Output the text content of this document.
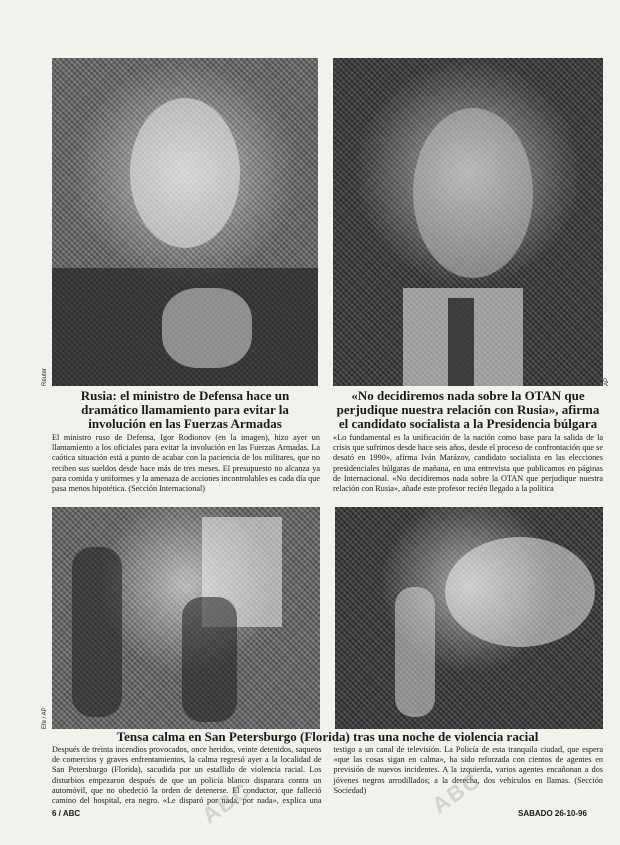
Reuter	AP
Rusia: el ministro de Defensa hace un dramático llamamiento para evitar la involución en las Fuerzas Armadas
«No decidiremos nada sobre la OTAN que perjudique nuestra relación con Rusia», afirma el candidato socialista a la Presidencia búlgara
El ministro ruso de Defensa, Igor Rodionov (en la imagen), hizo ayer un llamamiento a los oficiales para evitar la involución en las Fuerzas Armadas. La caótica situación está a punto de acabar con la paciencia de los militares, que no reciben sus sueldos desde hace más de tres meses. El presupuesto no alcanza ya para comida y uniformes y la amenaza de acciones incontrolables es cada día que pasa menos hipotética. (Sección Internacional)
«Lo fundamental es la unificación de la nación como base para la salida de la crisis que sufrimos desde hace seis años, desde el proceso de confrontación que se desató en 1990», afirma Iván Marázov, candidato socialista en las elecciones presidenciales búlgaras de mañana, en una entrevista que publicamos en páginas de Internacional. «No decidiremos nada sobre la OTAN que perjudique nuestra relación con Rusia», añade este profesor recién llegado a la política
Efe / AP
Tensa calma en San Petersburgo (Florida) tras una noche de violencia racial
Después de treinta incendios provocados, once heridos, veinte detenidos, saqueos de comercios y graves enfrentamientos, la calma regresó ayer a la localidad de San Petersburgo (Florida), sacudida por un estallido de violencia racial. Los disturbios empezaron después de que un policía blanco disparara contra un automóvil, que no obedeció la orden de detenerse. El conductor, que falleció camino del hospital, era negro. «Le disparó por nada, por nada», explica una testigo a un canal de televisión. La Policía de esta tranquila ciudad, que espera «que las cosas sigan en calma», ha sido reforzada con cientos de agentes en previsión de nuevos incidentes. A la izquierda, varios agentes encañonan a dos jóvenes negros arrodillados; a la derecha, dos vehículos en llamas. (Sección Sociedad)
6 / ABC	SABADO 26-10-96
ABC	ABC
